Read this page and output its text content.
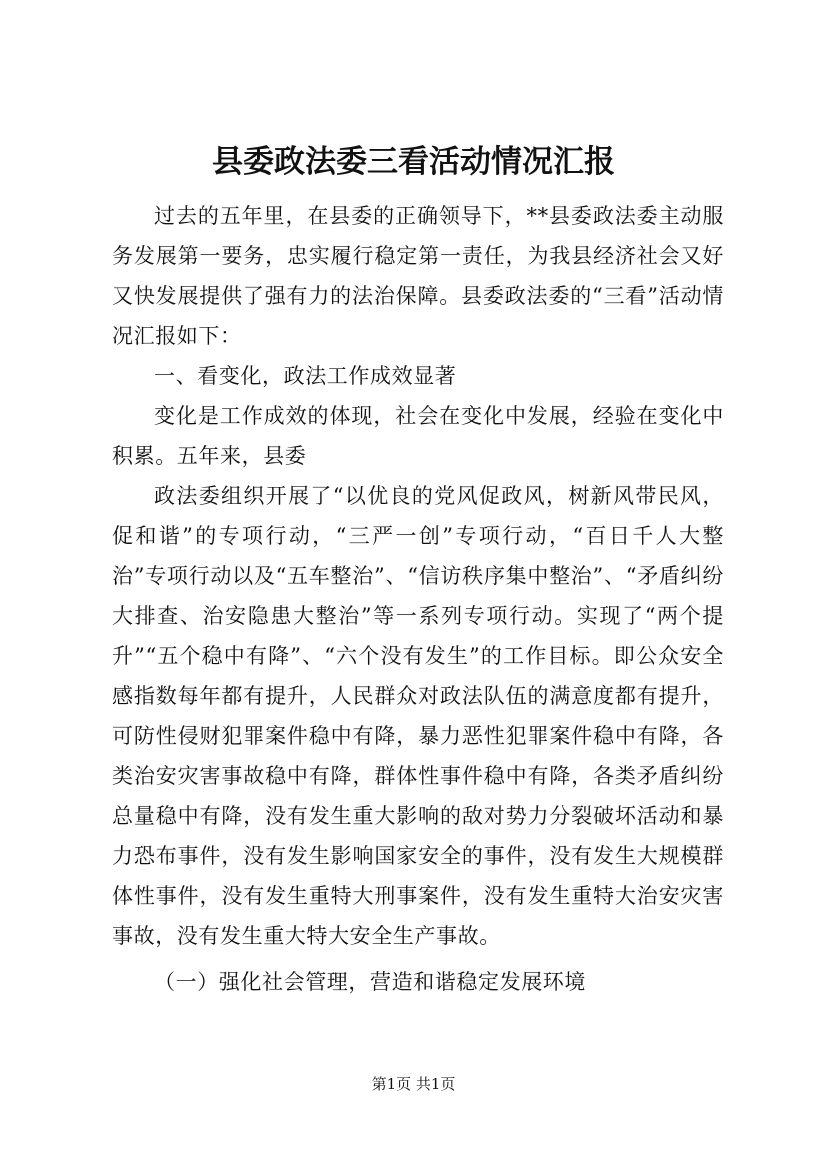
县委政法委三看活动情况汇报

过去的五年里，在县委的正确领导下，**县委政法委主动服务发展第一要务，忠实履行稳定第一责任，为我县经济社会又好又快发展提供了强有力的法治保障。县委政法委的“三看”活动情况汇报如下：

一、看变化，政法工作成效显著

变化是工作成效的体现，社会在变化中发展，经验在变化中积累。五年来，县委

政法委组织开展了“以优良的党风促政风，树新风带民风，促和谐”的专项行动，“三严一创”专项行动，“百日千人大整治”专项行动以及“五车整治”、“信访秩序集中整治”、“矛盾纠纷大排查、治安隐患大整治”等一系列专项行动。实现了“两个提升”“五个稳中有降”、“六个没有发生”的工作目标。即公众安全感指数每年都有提升，人民群众对政法队伍的满意度都有提升，可防性侵财犯罪案件稳中有降，暴力恶性犯罪案件稳中有降，各类治安灾害事故稳中有降，群体性事件稳中有降，各类矛盾纠纷总量稳中有降，没有发生重大影响的敌对势力分裂破坏活动和暴力恐布事件，没有发生影响国家安全的事件，没有发生大规模群体性事件，没有发生重特大刑事案件，没有发生重特大治安灾害事故，没有发生重大特大安全生产事故。

（一）强化社会管理，营造和谐稳定发展环境

第1页 共1页
